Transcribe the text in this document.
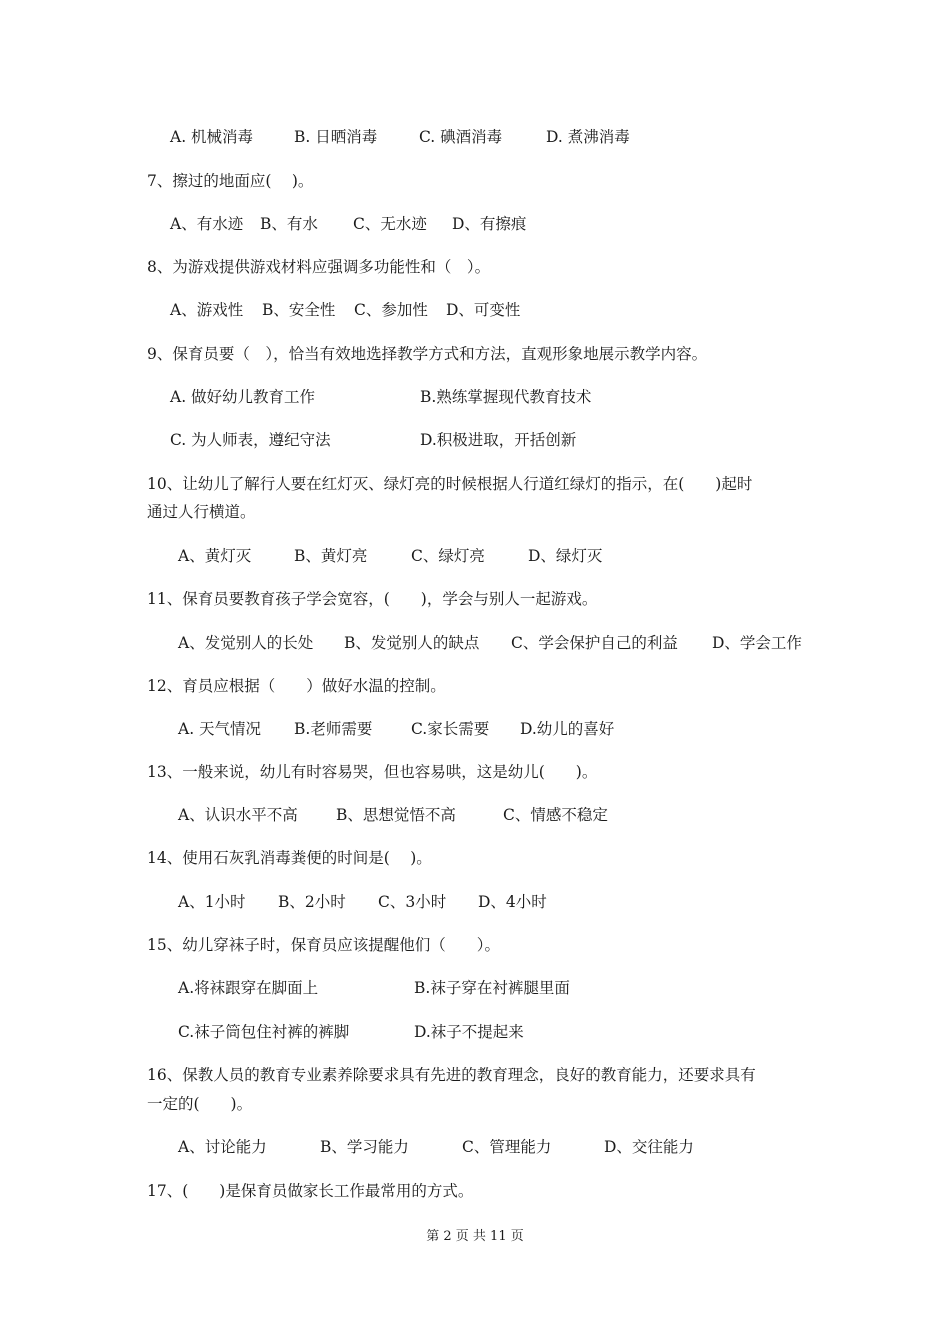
A. 机械消毒	B. 日晒消毒	C. 碘酒消毒	D. 煮沸消毒
7、擦过的地面应(　 )。
A、有水迹 B、有水 C、无水迹 D、有擦痕
8、为游戏提供游戏材料应强调多功能性和（　）。
A、游戏性 B、安全性 C、参加性 D、可变性
9、保育员要（　），恰当有效地选择教学方式和方法，直观形象地展示教学内容。
A. 做好幼儿教育工作	B.熟练掌握现代教育技术
C. 为人师表，遵纪守法	D.积极进取，开括创新
10、让幼儿了解行人要在红灯灭、绿灯亮的时候根据人行道红绿灯的指示，在(　　)起时
通过人行横道。
A、黄灯灭	B、黄灯亮	C、绿灯亮	D、绿灯灭
11、保育员要教育孩子学会宽容，(　　)，学会与别人一起游戏。
A、发觉别人的长处 B、发觉别人的缺点 C、学会保护自己的利益 D、学会工作
12、育员应根据（　　）做好水温的控制。
A. 天气情况 B.老师需要 C.家长需要 D.幼儿的喜好
13、一般来说，幼儿有时容易哭，但也容易哄，这是幼儿(　　)。
A、认识水平不高 B、思想觉悟不高	C、情感不稳定
14、使用石灰乳消毒粪便的时间是(　 )。
A、1小时 B、2小时 C、3小时 D、4小时
15、幼儿穿袜子时，保育员应该提醒他们（　　）。
A.将袜跟穿在脚面上	B.袜子穿在衬裤腿里面
C.袜子筒包住衬裤的裤脚	D.袜子不提起来
16、保教人员的教育专业素养除要求具有先进的教育理念，良好的教育能力，还要求具有
一定的(　　)。
A、讨论能力	B、学习能力	C、管理能力	D、交往能力
17、(　　)是保育员做家长工作最常用的方式。
第 2 页 共 11 页
